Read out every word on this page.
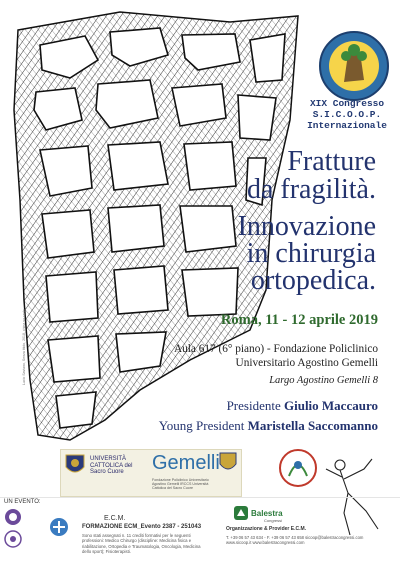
Lucio Saviano, Senza titolo, 2018, china su carta
XIX Congresso
S.I.C.O.O.P.
Internazionale
Fratture
da fragilità.
Innovazione
in chirurgia
ortopedica.
Roma, 11 - 12 aprile 2019
Aula 617 (6° piano) - Fondazione Policlinico
Universitario Agostino Gemelli
Largo Agostino Gemelli 8
Presidente Giulio Maccauro
Young President Maristella Saccomanno
UNIVERSITÀ CATTOLICA del Sacro Cuore	Gemelli
Fondazione Policlinico Universitario Agostino Gemelli IRCCS Università Cattolica del Sacro Cuore
UN EVENTO:
E.C.M.
FORMAZIONE ECM_Evento 2387 - 251043
Sono stati assegnati n. 11 crediti formativi per le seguenti professioni: Medico Chirurgo (discipline: Medicina fisica e riabilitazione, Ortopedia e Traumatologia, Oncologia, Medicina dello sport); Fisioterapisti.
Balestra
Congressi
Organizzazione & Provider E.C.M.
T. +39 06 57 43 634 - F. +39 06 57 43 658 sicoop@balestracongressi.com www.sicoop.it www.balestracongressi.com
